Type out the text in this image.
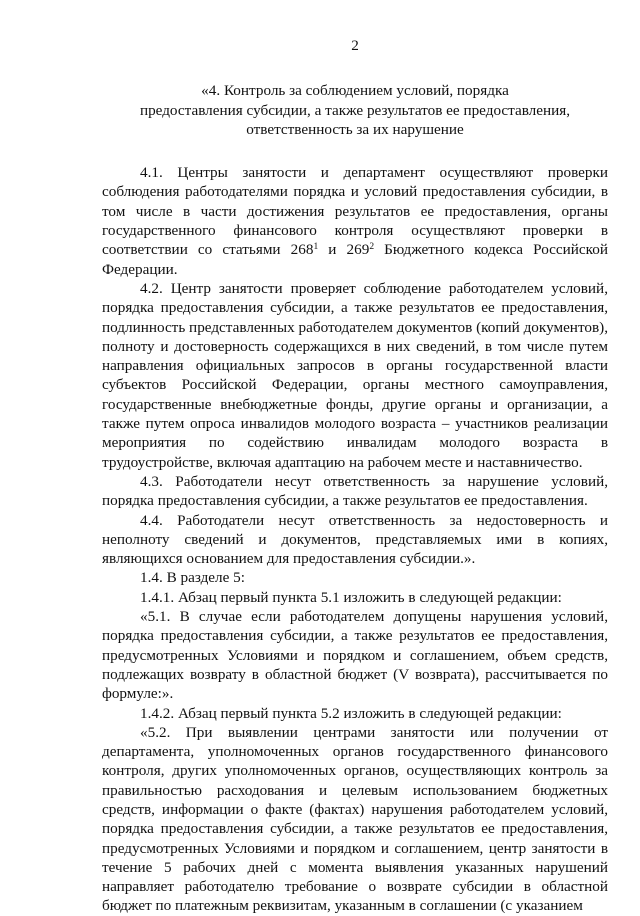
2
«4. Контроль за соблюдением условий, порядка
предоставления субсидии, а также результатов ее предоставления,
ответственность за их нарушение

4.1. Центры занятости и департамент осуществляют проверки соблюдения работодателями порядка и условий предоставления субсидии, в том числе в части достижения результатов ее предоставления, органы государственного финансового контроля осуществляют проверки в соответствии со статьями $268^1$ и $269^2$ Бюджетного кодекса Российской Федерации.

4.2. Центр занятости проверяет соблюдение работодателем условий, порядка предоставления субсидии, а также результатов ее предоставления, подлинность представленных работодателем документов (копий документов), полноту и достоверность содержащихся в них сведений, в том числе путем направления официальных запросов в органы государственной власти субъектов Российской Федерации, органы местного самоуправления, государственные внебюджетные фонды, другие органы и организации, а также путем опроса инвалидов молодого возраста – участников реализации мероприятия по содействию инвалидам молодого возраста в трудоустройстве, включая адаптацию на рабочем месте и наставничество.

4.3. Работодатели несут ответственность за нарушение условий, порядка предоставления субсидии, а также результатов ее предоставления.

4.4. Работодатели несут ответственность за недостоверность и неполноту сведений и документов, представляемых ими в копиях, являющихся основанием для предоставления субсидии.».

1.4. В разделе 5:

1.4.1. Абзац первый пункта 5.1 изложить в следующей редакции:

«5.1. В случае если работодателем допущены нарушения условий, порядка предоставления субсидии, а также результатов ее предоставления, предусмотренных Условиями и порядком и соглашением, объем средств, подлежащих возврату в областной бюджет (V возврата), рассчитывается по формуле:».

1.4.2. Абзац первый пункта 5.2 изложить в следующей редакции:

«5.2. При выявлении центрами занятости или получении от департамента, уполномоченных органов государственного финансового контроля, других уполномоченных органов, осуществляющих контроль за правильностью расходования и целевым использованием бюджетных средств, информации о факте (фактах) нарушения работодателем условий, порядка предоставления субсидии, а также результатов ее предоставления, предусмотренных Условиями и порядком и соглашением, центр занятости в течение 5 рабочих дней с момента выявления указанных нарушений направляет работодателю требование о возврате субсидии в областной бюджет по платежным реквизитам, указанным в соглашении (с указанием
